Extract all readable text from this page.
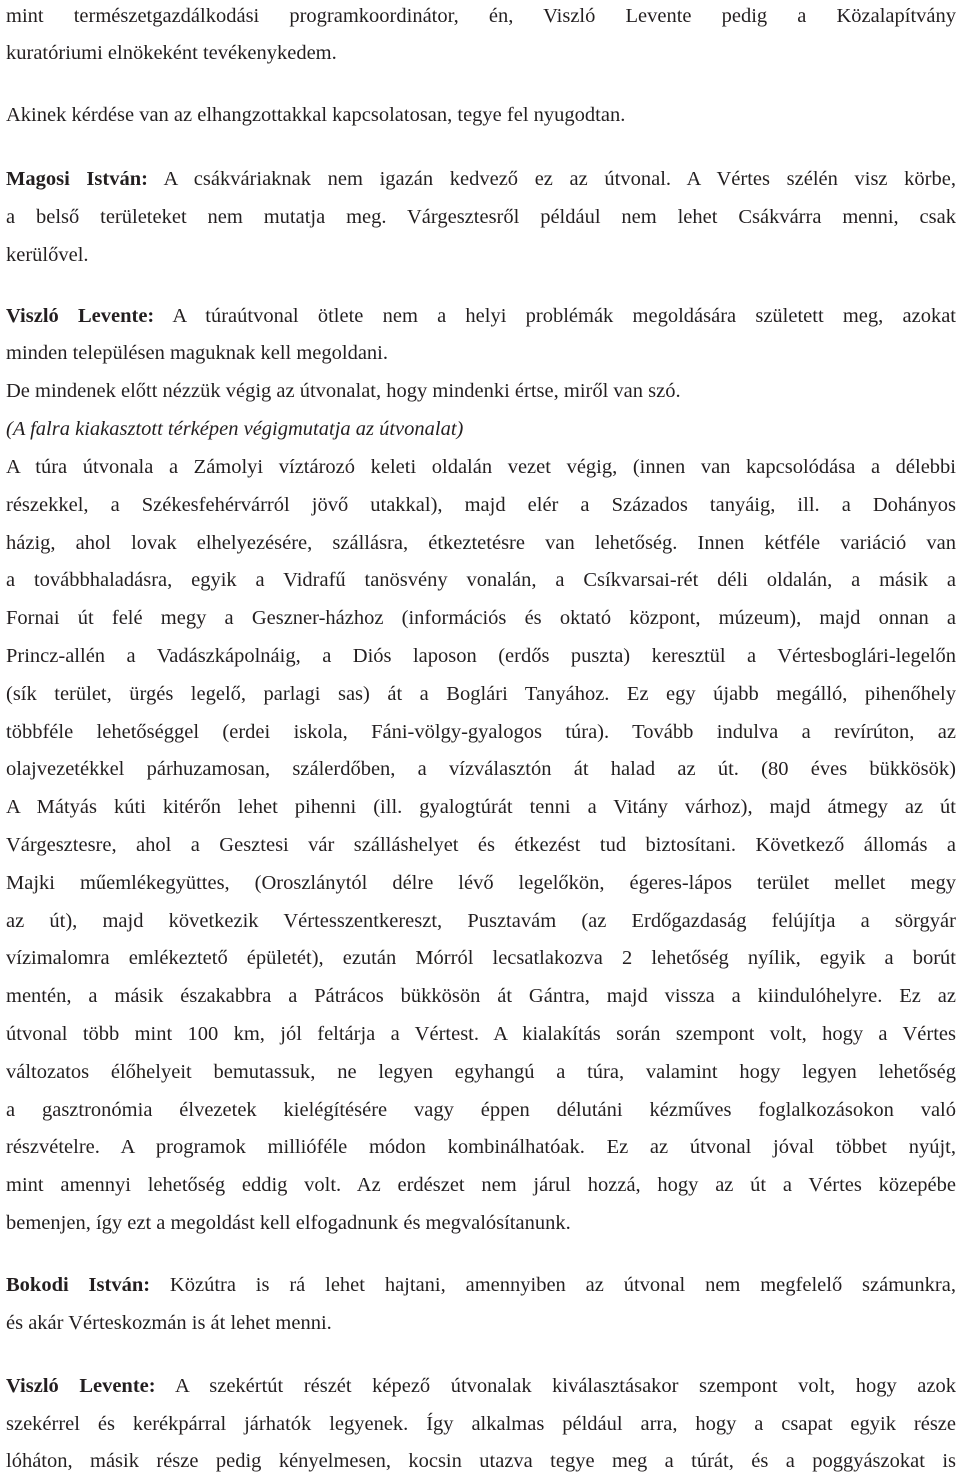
mint természetgazdálkodási programkoordinátor, én, Viszló Levente pedig a Közalapítvány
kuratóriumi elnökeként tevékenykedem.
Akinek kérdése van az elhangzottakkal kapcsolatosan, tegye fel nyugodtan.
Magosi István: A csákváriaknak nem igazán kedvező ez az útvonal. A Vértes szélén visz körbe,
a belső területeket nem mutatja meg. Várgesztesről például nem lehet Csákvárra menni, csak
kerülővel.
Viszló Levente: A túraútvonal ötlete nem a helyi problémák megoldására született meg, azokat
minden településen maguknak kell megoldani.
De mindenek előtt nézzük végig az útvonalat, hogy mindenki értse, miről van szó.
(A falra kiakasztott térképen végigmutatja az útvonalat)
A túra útvonala a Zámolyi víztározó keleti oldalán vezet végig, (innen van kapcsolódása a délebbi
részekkel, a Székesfehérvárról jövő utakkal), majd elér a Százados tanyáig, ill. a Dohányos
házig, ahol lovak elhelyezésére, szállásra, étkeztetésre van lehetőség. Innen kétféle variáció van
a továbbhaladásra, egyik a Vidrafű tanösvény vonalán, a Csíkvarsai-rét déli oldalán, a másik a
Fornai út felé megy a Geszner-házhoz (információs és oktató központ, múzeum), majd onnan a
Princz-allén a Vadászkápolnáig, a Diós laposon (erdős puszta) keresztül a Vértesboglári-legelőn
(sík terület, ürgés legelő, parlagi sas) át a Boglári Tanyához. Ez egy újabb megálló, pihenőhely
többféle lehetőséggel (erdei iskola, Fáni-völgy-gyalogos túra). Tovább indulva a revírúton, az
olajvezetékkel párhuzamosan, szálerdőben, a vízválasztón át halad az út. (80 éves bükkösök)
A Mátyás kúti kitérőn lehet pihenni (ill. gyalogtúrát tenni a Vitány várhoz), majd átmegy az út
Várgesztesre, ahol a Gesztesi vár szálláshelyet és étkezést tud biztosítani. Következő állomás a
Majki műemlékegyüttes, (Oroszlánytól délre lévő legelőkön, égeres-lápos terület mellet megy
az út), majd következik Vértesszentkereszt, Pusztavám (az Erdőgazdaság felújítja a sörgyár
vízimalomra emlékeztető épületét), ezután Mórról lecsatlakozva 2 lehetőség nyílik, egyik a borút
mentén, a másik északabbra a Pátrácos bükkösön át Gántra, majd vissza a kiindulóhelyre. Ez az
útvonal több mint 100 km, jól feltárja a Vértest. A kialakítás során szempont volt, hogy a Vértes
változatos élőhelyeit bemutassuk, ne legyen egyhangú a túra, valamint hogy legyen lehetőség
a gasztronómia élvezetek kielégítésére vagy éppen délutáni kézműves foglalkozásokon való
részvételre. A programok millióféle módon kombinálhatóak. Ez az útvonal jóval többet nyújt,
mint amennyi lehetőség eddig volt. Az erdészet nem járul hozzá, hogy az út a Vértes közepébe
bemenjen, így ezt a megoldást kell elfogadnunk és megvalósítanunk.
Bokodi István: Közútra is rá lehet hajtani, amennyiben az útvonal nem megfelelő számunkra,
és akár Vérteskozmán is át lehet menni.
Viszló Levente: A szekértút részét képező útvonalak kiválasztásakor szempont volt, hogy azok
szekérrel és kerékpárral járhatók legyenek. Így alkalmas például arra, hogy a csapat egyik része
lóháton, másik része pedig kényelmesen, kocsin utazva tegye meg a túrát, és a poggyászokat is
